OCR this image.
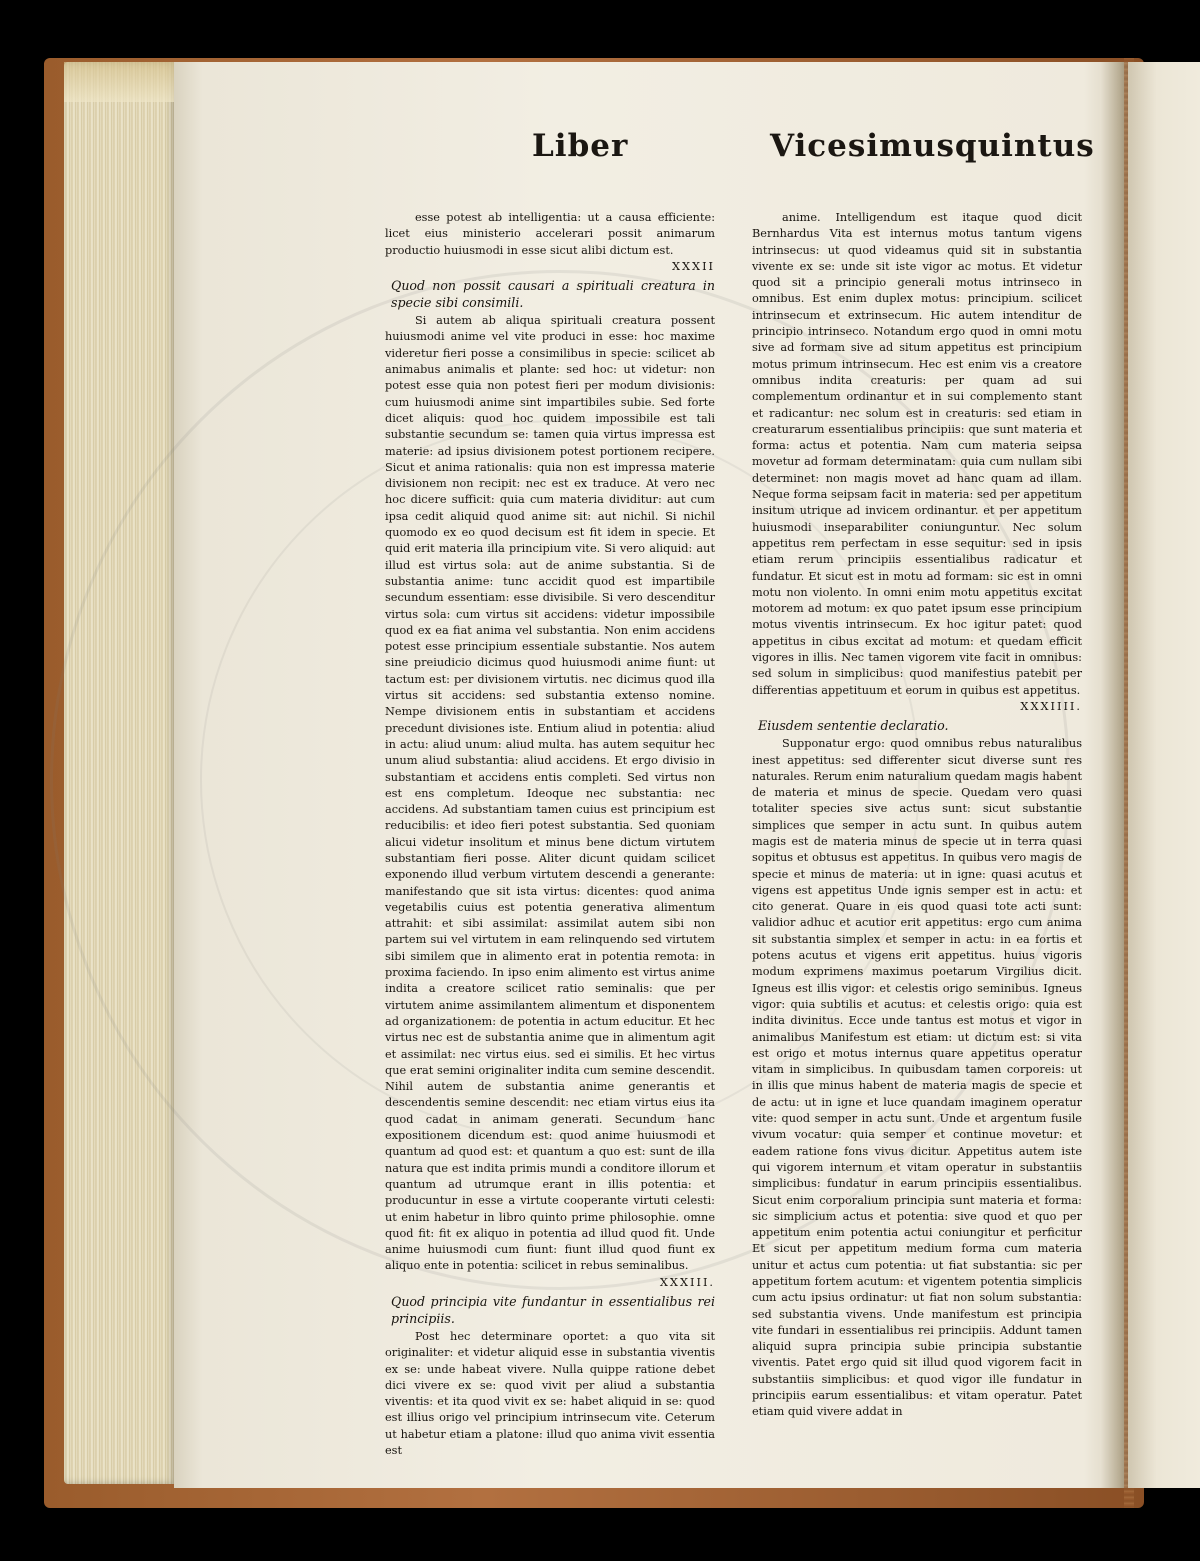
Liber	Vicesimusquintus

esse potest ab intelligentia: ut a causa efficiente: licet eius ministerio accelerari possit animarum productio huiusmodi in esse sicut alibi dictum est.

XXXII

Quod non possit causari a spirituali creatura in specie sibi consimili.

Si autem ab aliqua spirituali creatura possent huiusmodi anime vel vite produci in esse: hoc maxime videretur fieri posse a consimilibus in specie: scilicet ab animabus animalis et plante: sed hoc: ut videtur: non potest esse quia non potest fieri per modum divisionis: cum huiusmodi anime sint impartibiles subie. Sed forte dicet aliquis: quod hoc quidem impossibile est tali substantie secundum se: tamen quia virtus impressa est materie: ad ipsius divisionem potest portionem recipere. Sicut et anima rationalis: quia non est impressa materie divisionem non recipit: nec est ex traduce. At vero nec hoc dicere sufficit: quia cum materia dividitur: aut cum ipsa cedit aliquid quod anime sit: aut nichil. Si nichil quomodo ex eo quod decisum est fit idem in specie. Et quid erit materia illa principium vite. Si vero aliquid: aut illud est virtus sola: aut de anime substantia. Si de substantia anime: tunc accidit quod est impartibile secundum essentiam: esse divisibile. Si vero descenditur virtus sola: cum virtus sit accidens: videtur impossibile quod ex ea fiat anima vel substantia. Non enim accidens potest esse principium essentiale substantie. Nos autem sine preiudicio dicimus quod huiusmodi anime fiunt: ut tactum est: per divisionem virtutis. nec dicimus quod illa virtus sit accidens: sed substantia extenso nomine. Nempe divisionem entis in substantiam et accidens precedunt divisiones iste. Entium aliud in potentia: aliud in actu: aliud unum: aliud multa. has autem sequitur hec unum aliud substantia: aliud accidens. Et ergo divisio in substantiam et accidens entis completi. Sed virtus non est ens completum. Ideoque nec substantia: nec accidens. Ad substantiam tamen cuius est principium est reducibilis: et ideo fieri potest substantia. Sed quoniam alicui videtur insolitum et minus bene dictum virtutem substantiam fieri posse. Aliter dicunt quidam scilicet exponendo illud verbum virtutem descendi a generante: manifestando que sit ista virtus: dicentes: quod anima vegetabilis cuius est potentia generativa alimentum attrahit: et sibi assimilat: assimilat autem sibi non partem sui vel virtutem in eam relinquendo sed virtutem sibi similem que in alimento erat in potentia remota: in proxima faciendo. In ipso enim alimento est virtus anime indita a creatore scilicet ratio seminalis: que per virtutem anime assimilantem alimentum et disponentem ad organizationem: de potentia in actum educitur. Et hec virtus nec est de substantia anime que in alimentum agit et assimilat: nec virtus eius. sed ei similis. Et hec virtus que erat semini originaliter indita cum semine descendit. Nihil autem de substantia anime generantis et descendentis semine descendit: nec etiam virtus eius ita quod cadat in animam generati. Secundum hanc expositionem dicendum est: quod anime huiusmodi et quantum ad quod est: et quantum a quo est: sunt de illa natura que est indita primis mundi a conditore illorum et quantum ad utrumque erant in illis potentia: et producuntur in esse a virtute cooperante virtuti celesti: ut enim habetur in libro quinto prime philosophie. omne quod fit: fit ex aliquo in potentia ad illud quod fit. Unde anime huiusmodi cum fiunt: fiunt illud quod fiunt ex aliquo ente in potentia: scilicet in rebus seminalibus.

XXXIII.

Quod principia vite fundantur in essentialibus rei principiis.

Post hec determinare oportet: a quo vita sit originaliter: et videtur aliquid esse in substantia viventis ex se: unde habeat vivere. Nulla quippe ratione debet dici vivere ex se: quod vivit per aliud a substantia viventis: et ita quod vivit ex se: habet aliquid in se: quod est illius origo vel principium intrinsecum vite. Ceterum ut habetur etiam a platone: illud quo anima vivit essentia est

anime. Intelligendum est itaque quod dicit Bernhardus Vita est internus motus tantum vigens intrinsecus: ut quod videamus quid sit in substantia vivente ex se: unde sit iste vigor ac motus. Et videtur quod sit a principio generali motus intrinseco in omnibus. Est enim duplex motus: principium. scilicet intrinsecum et extrinsecum. Hic autem intenditur de principio intrinseco. Notandum ergo quod in omni motu sive ad formam sive ad situm appetitus est principium motus primum intrinsecum. Hec est enim vis a creatore omnibus indita creaturis: per quam ad sui complementum ordinantur et in sui complemento stant et radicantur: nec solum est in creaturis: sed etiam in creaturarum essentialibus principiis: que sunt materia et forma: actus et potentia. Nam cum materia seipsa movetur ad formam determinatam: quia cum nullam sibi determinet: non magis movet ad hanc quam ad illam. Neque forma seipsam facit in materia: sed per appetitum insitum utrique ad invicem ordinantur. et per appetitum huiusmodi inseparabiliter coniunguntur. Nec solum appetitus rem perfectam in esse sequitur: sed in ipsis etiam rerum principiis essentialibus radicatur et fundatur. Et sicut est in motu ad formam: sic est in omni motu non violento. In omni enim motu appetitus excitat motorem ad motum: ex quo patet ipsum esse principium motus viventis intrinsecum. Ex hoc igitur patet: quod appetitus in cibus excitat ad motum: et quedam efficit vigores in illis. Nec tamen vigorem vite facit in omnibus: sed solum in simplicibus: quod manifestius patebit per differentias appetituum et eorum in quibus est appetitus.

XXXIIII.

Eiusdem sententie declaratio.

Supponatur ergo: quod omnibus rebus naturalibus inest appetitus: sed differenter sicut diverse sunt res naturales. Rerum enim naturalium quedam magis habent de materia et minus de specie. Quedam vero quasi totaliter species sive actus sunt: sicut substantie simplices que semper in actu sunt. In quibus autem magis est de materia minus de specie ut in terra quasi sopitus et obtusus est appetitus. In quibus vero magis de specie et minus de materia: ut in igne: quasi acutus et vigens est appetitus Unde ignis semper est in actu: et cito generat. Quare in eis quod quasi tote acti sunt: validior adhuc et acutior erit appetitus: ergo cum anima sit substantia simplex et semper in actu: in ea fortis et potens acutus et vigens erit appetitus. huius vigoris modum exprimens maximus poetarum Virgilius dicit. Igneus est illis vigor: et celestis origo seminibus. Igneus vigor: quia subtilis et acutus: et celestis origo: quia est indita divinitus. Ecce unde tantus est motus et vigor in animalibus Manifestum est etiam: ut dictum est: si vita est origo et motus internus quare appetitus operatur vitam in simplicibus. In quibusdam tamen corporeis: ut in illis que minus habent de materia magis de specie et de actu: ut in igne et luce quandam imaginem operatur vite: quod semper in actu sunt. Unde et argentum fusile vivum vocatur: quia semper et continue movetur: et eadem ratione fons vivus dicitur. Appetitus autem iste qui vigorem internum et vitam operatur in substantiis simplicibus: fundatur in earum principiis essentialibus. Sicut enim corporalium principia sunt materia et forma: sic simplicium actus et potentia: sive quod et quo per appetitum enim potentia actui coniungitur et perficitur Et sicut per appetitum medium forma cum materia unitur et actus cum potentia: ut fiat substantia: sic per appetitum fortem acutum: et vigentem potentia simplicis cum actu ipsius ordinatur: ut fiat non solum substantia: sed substantia vivens. Unde manifestum est principia vite fundari in essentialibus rei principiis. Addunt tamen aliquid supra principia subie principia substantie viventis. Patet ergo quid sit illud quod vigorem facit in substantiis simplicibus: et quod vigor ille fundatur in principiis earum essentialibus: et vitam operatur. Patet etiam quid vivere addat in
